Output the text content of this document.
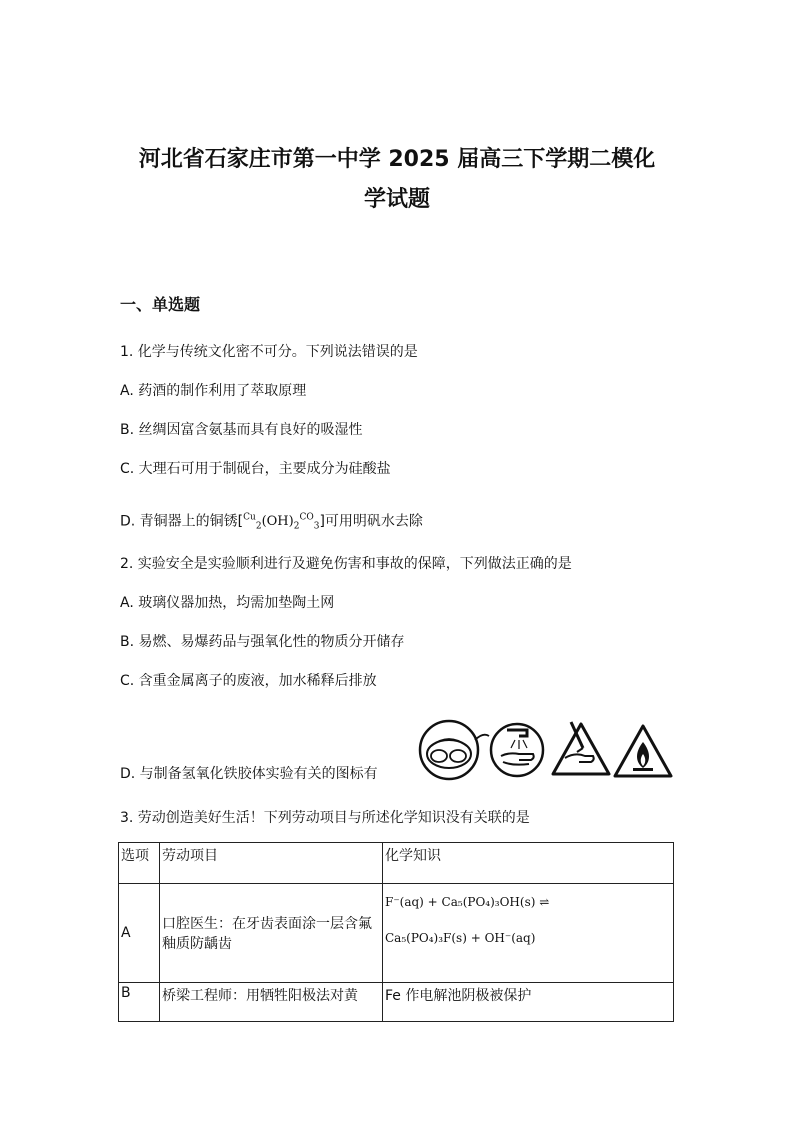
河北省石家庄市第一中学 2025 届高三下学期二模化
学试题
一、单选题
1. 化学与传统文化密不可分。下列说法错误的是
A. 药酒的制作利用了萃取原理
B. 丝绸因富含氨基而具有良好的吸湿性
C. 大理石可用于制砚台，主要成分为硅酸盐
D. 青铜器上的铜锈$[^{Cu}_2(OH)_2^{CO}_3]$可用明矾水去除
2. 实验安全是实验顺利进行及避免伤害和事故的保障，下列做法正确的是
A. 玻璃仪器加热，均需加垫陶土网
B. 易燃、易爆药品与强氧化性的物质分开储存
C. 含重金属离子的废液，加水稀释后排放
D. 与制备氢氧化铁胶体实验有关的图标有
3. 劳动创造美好生活！下列劳动项目与所述化学知识没有关联的是
选项	劳动项目	化学知识
A	口腔医生：在牙齿表面涂一层含氟釉质防龋齿	F⁻(aq) + Ca₅(PO₄)₃OH(s) ⇌
Ca₅(PO₄)₃F(s) + OH⁻(aq)

B	桥梁工程师：用牺牲阳极法对黄	Fe 作电解池阴极被保护
